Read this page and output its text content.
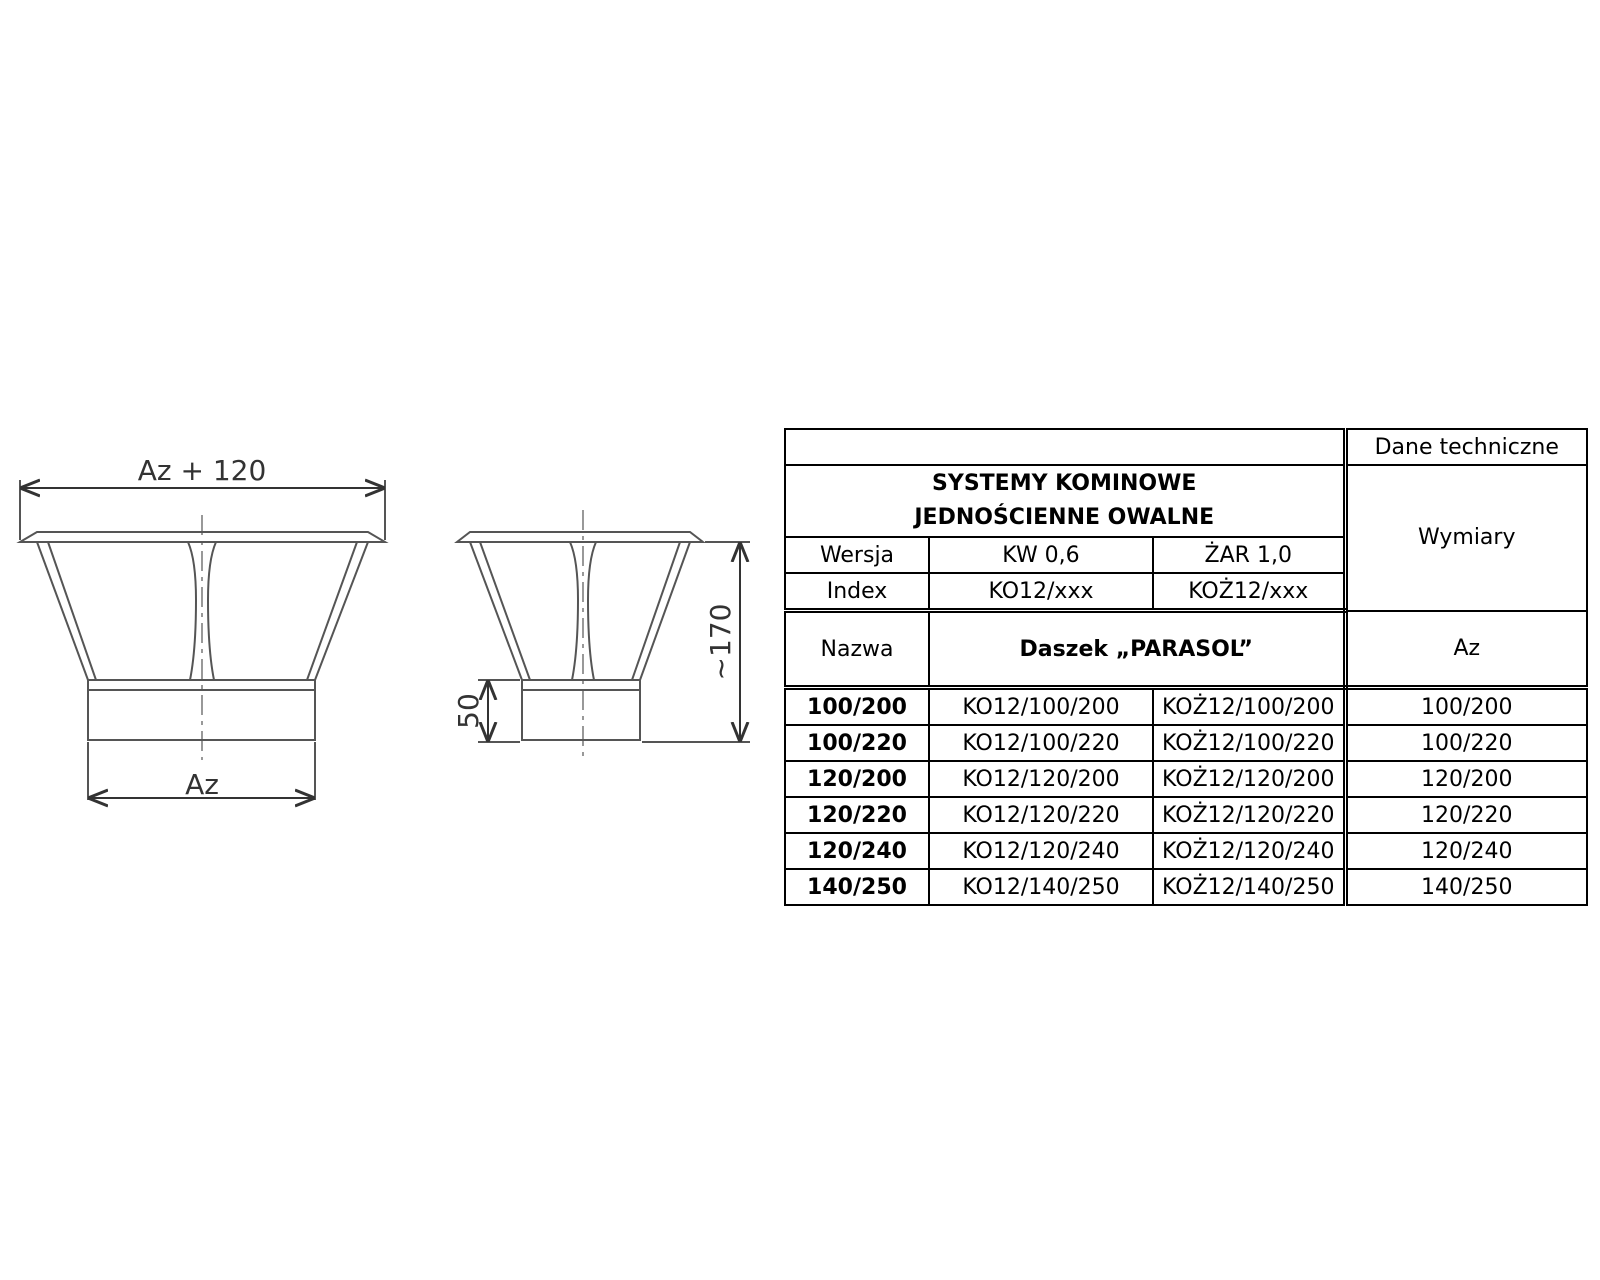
Az + 120
Az
~170
50
			Dane techniczne
SYSTEMY KOMINOWE
JEDNOŚCIENNE OWALNE			Wymiary
Wersja	KW 0,6	ŻAR 1,0	
Index	KO12/xxx	KOŻ12/xxx	
Nazwa	Daszek „PARASOL”		Az
100/200	KO12/100/200	KOŻ12/100/200	100/200
100/220	KO12/100/220	KOŻ12/100/220	100/220
120/200	KO12/120/200	KOŻ12/120/200	120/200
120/220	KO12/120/220	KOŻ12/120/220	120/220
120/240	KO12/120/240	KOŻ12/120/240	120/240
140/250	KO12/140/250	KOŻ12/140/250	140/250
